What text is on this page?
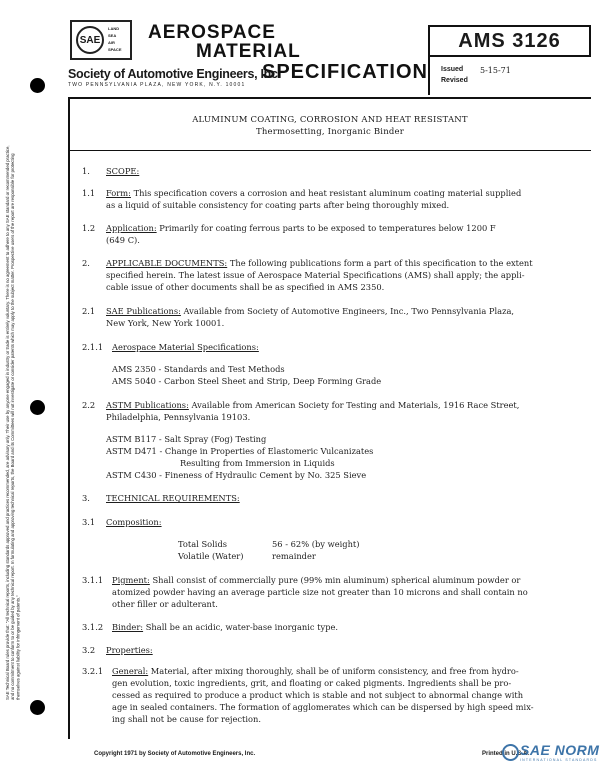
SAE Technical Board rules provide that: "All technical reports, including standards approved and practices recommended, are advisory only. Their use by anyone engaged in industry or trade is entirely voluntary. There is no agreement to adhere to any SAE standard or recommended practice, and no commitment to conform to or be guided by any technical report. In formulating and approving technical reports, the Board and its Committees will not investigate or consider patents which may apply to the subject matter. Prospective users of the report are responsible for protecting themselves against liability for infringement of patents."
SAE
LAND
SEA
AIR
SPACE
AEROSPACE
MATERIAL
SPECIFICATION
Society of Automotive Engineers, Inc.
TWO PENNSYLVANIA PLAZA, NEW YORK, N.Y. 10001
AMS 3126
Issued 5-15-71
Revised
ALUMINUM COATING, CORROSION AND HEAT RESISTANT
Thermosetting, Inorganic Binder
1. SCOPE:
1.1 Form: This specification covers a corrosion and heat resistant aluminum coating material supplied
as a liquid of suitable consistency for coating parts after being thoroughly mixed.
1.2 Application: Primarily for coating ferrous parts to be exposed to temperatures below 1200 F
(649 C).
2. APPLICABLE DOCUMENTS: The following publications form a part of this specification to the extent
specified herein. The latest issue of Aerospace Material Specifications (AMS) shall apply; the appli-
cable issue of other documents shall be as specified in AMS 2350.
2.1 SAE Publications: Available from Society of Automotive Engineers, Inc., Two Pennsylvania Plaza,
New York, New York 10001.
2.1.1 Aerospace Material Specifications:
AMS 2350 - Standards and Test Methods
AMS 5040 - Carbon Steel Sheet and Strip, Deep Forming Grade
2.2 ASTM Publications: Available from American Society for Testing and Materials, 1916 Race Street,
Philadelphia, Pennsylvania 19103.
ASTM B117 - Salt Spray (Fog) Testing
ASTM D471 - Change in Properties of Elastomeric Vulcanizates
Resulting from Immersion in Liquids
ASTM C430 - Fineness of Hydraulic Cement by No. 325 Sieve
3. TECHNICAL REQUIREMENTS:
3.1 Composition:
Total Solids	56 - 62% (by weight)
Volatile (Water)	remainder
3.1.1 Pigment: Shall consist of commercially pure (99% min aluminum) spherical aluminum powder or
atomized powder having an average particle size not greater than 10 microns and shall contain no
other filler or adulterant.
3.1.2 Binder: Shall be an acidic, water-base inorganic type.
3.2 Properties:
3.2.1 General: Material, after mixing thoroughly, shall be of uniform consistency, and free from hydro-
gen evolution, toxic ingredients, grit, and floating or caked pigments. Ingredients shall be pro-
cessed as required to produce a product which is stable and not subject to abnormal change with
age in sealed containers. The formation of agglomerates which can be dispersed by high speed mix-
ing shall not be cause for rejection.
Copyright 1971 by Society of Automotive Engineers, Inc.	Printed in U.S.A.
SAE NORM
INTERNATIONAL STANDARDS
